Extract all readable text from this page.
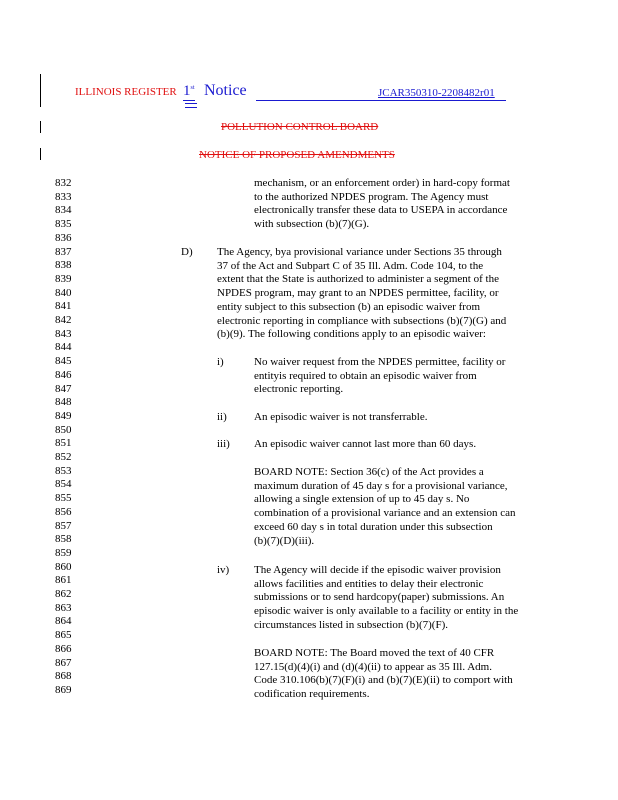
ILLINOIS REGISTER 1st Notice	JCAR350310-2208482r01
POLLUTION CONTROL BOARD
NOTICE OF PROPOSED AMENDMENTS
832
833
834
835
836
837
838
839
840
841
842
843
844
845
846
847
848
849
850
851
852
853
854
855
856
857
858
859
860
861
862
863
864
865
866
867
868
869
mechanism, or an enforcement order) in hard-copy format
to the authorized NPDES program. The Agency must
electronically transfer these data to USEPA in accordance
with subsection (b)(7)(G).
D) The Agency, bya provisional variance under Sections 35 through
37 of the Act and Subpart C of 35 Ill. Adm. Code 104, to the
extent that the State is authorized to administer a segment of the
NPDES program, may grant to an NPDES permittee, facility, or
entity subject to this subsection (b) an episodic waiver from
electronic reporting in compliance with subsections (b)(7)(G) and
(b)(9). The following conditions apply to an episodic waiver:
i)	No waiver request from the NPDES permittee, facility or
entityis required to obtain an episodic waiver from
electronic reporting.
ii) An episodic waiver is not transferrable.
iii) An episodic waiver cannot last more than 60 days.
BOARD NOTE: Section 36(c) of the Act provides a
maximum duration of 45 day s for a provisional variance,
allowing a single extension of up to 45 day s. No
combination of a provisional variance and an extension can
exceed 60 day s in total duration under this subsection
(b)(7)(D)(iii).
iv) The Agency will decide if the episodic waiver provision
allows facilities and entities to delay their electronic
submissions or to send hardcopy(paper) submissions. An
episodic waiver is only available to a facility or entity in the
circumstances listed in subsection (b)(7)(F).
BOARD NOTE: The Board moved the text of 40 CFR
127.15(d)(4)(i) and (d)(4)(ii) to appear as 35 Ill. Adm.
Code 310.106(b)(7)(F)(i) and (b)(7)(E)(ii) to comport with
codification requirements.
